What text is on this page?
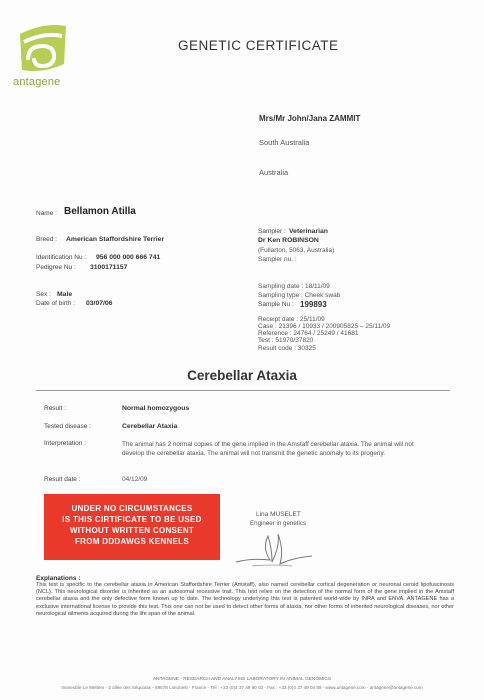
antagene
GENETIC CERTIFICATE
Mrs/Mr John/Jana ZAMMIT
South Australia
Australia
Name : Bellamon Atilla
Breed : American Staffordshire Terrier
Identification Nu : 956 000 000 666 741
Pedigree Nu : 3100171157
Sex : Male
Date of birth : 03/07/06
Sampler : Veterinarian
Dr Ken ROBINSON
(Fullarton, 5063, Australia)
Sampler nu. :
Sampling date : 18/11/09
Sampling type : Cheek swab
Sample Nu : 199893
Receipt date : 25/11/09
Case : 21396 / 10933 / 200905825 – 25/11/09
Reference : 24764 / 25249 / 41681
Test : 51970/37820
Result code : 30325
Cerebellar Ataxia
Result :	Normal homozygous
Tested disease :	Cerebellar Ataxia
Interpretation :	The animal has 2 normal copies of the gene implied in the Amstaff cerebellar ataxia. The animal will not develop the cerebellar ataxia. The animal will not transmit the genetic anomaly to its progeny.
Result date :	04/12/09
UNDER NO CIRCUMSTANCES
IS THIS CIRTIFICATE TO BE USED
WITHOUT WRITTEN CONSENT
FROM DDDAWGS KENNELS
Lina MUSELET
Engineer in genetics
Explanations :
This test is specific to the cerebellar ataxia in American Staffordshire Terrier (Amstaff), also named cerebellar cortical degeneration or neuronal ceroid lipofuscinosis (NCL). This neurological disorder is inherited as an autosomal recessive trait. This test relies on the detection of the normal form of the gene implied in the Amstaff cerebellar ataxia and the only defective form known up to date. The technology underlying this test is patented world-wide by INRA and ENVA. ANTAGENE has a exclusive international license to provide this test. This one can not be used to detect other forms of ataxia, nor other forms of inherited neurological diseases, nor other neurological ailments acquired during the life span of the animal.
ANTAGENE - RESEARCH AND ANALYSIS LABORATORY IN ANIMAL GENOMICS
Immeuble Le Meltem - 2 allée des Séquoias - 69578 Limonest - France - Tél : +33 (0)4 37 49 90 03 - Fax : +33 (0)4 37 49 04 89 - www.antagene.com - antagene@antagene.com
